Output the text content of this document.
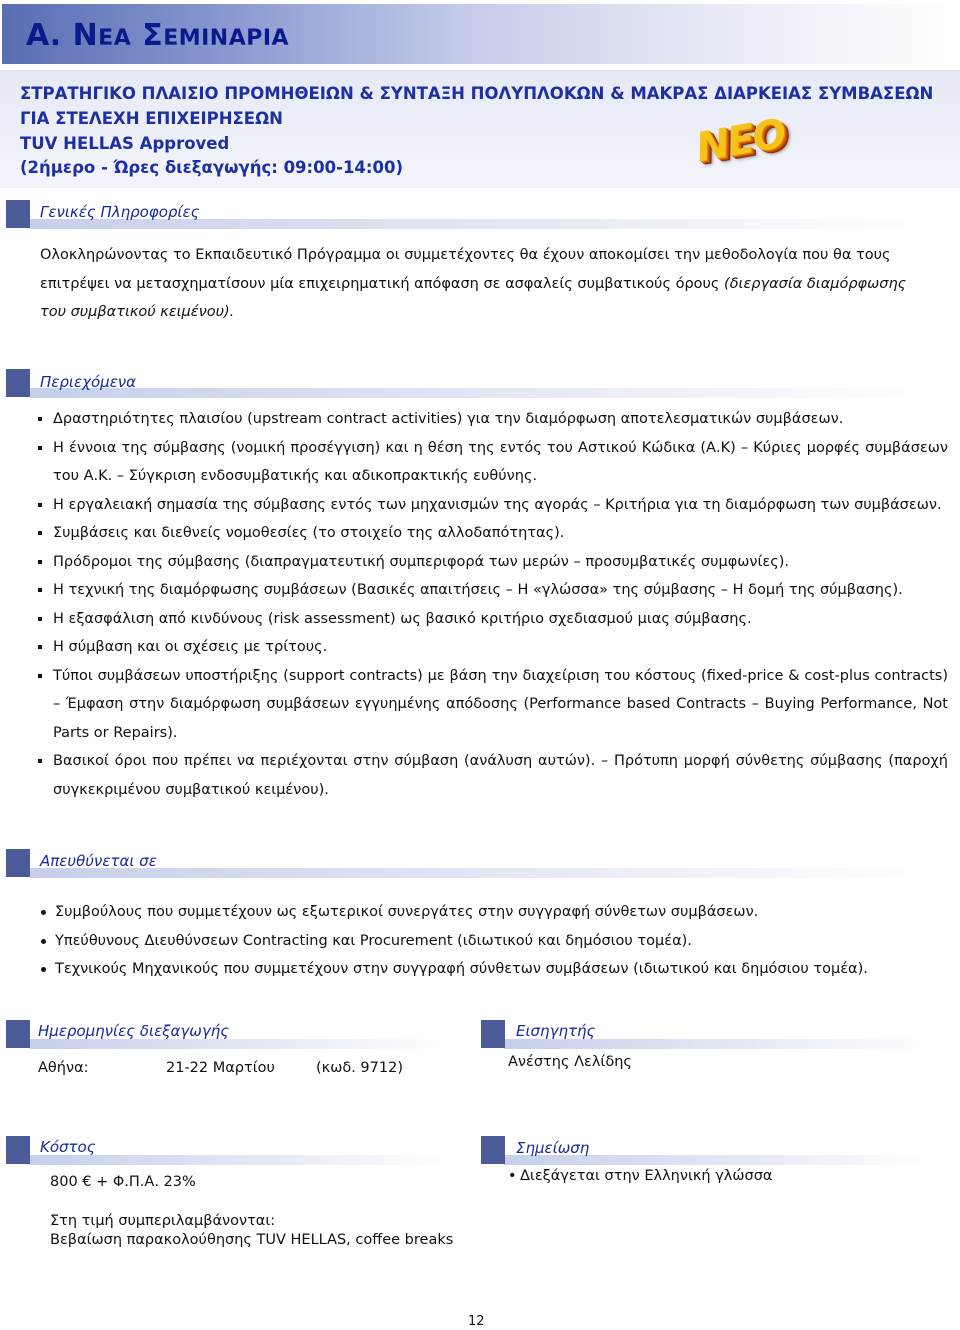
Α. ΝΕΑ ΣΕΜΙΝΑΡΙΑ
ΣΤΡΑΤΗΓΙΚΟ ΠΛΑΙΣΙΟ ΠΡΟΜΗΘΕΙΩΝ & ΣΥΝΤΑΞΗ ΠΟΛΥΠΛΟΚΩΝ & ΜΑΚΡΑΣ ΔΙΑΡΚΕΙΑΣ ΣΥΜΒΑΣΕΩΝ
ΓΙΑ ΣΤΕΛΕΧΗ ΕΠΙΧΕΙΡΗΣΕΩΝ
TUV HELLAS Approved
(2ήμερο - Ώρες διεξαγωγής: 09:00-14:00)	ΝΕΟ
Γενικές Πληροφορίες

Ολοκληρώνοντας το Εκπαιδευτικό Πρόγραμμα οι συμμετέχοντες θα έχουν αποκομίσει την μεθοδολογία που θα τους επιτρέψει να μετασχηματίσουν μία επιχειρηματική απόφαση σε ασφαλείς συμβατικούς όρους (διεργασία διαμόρφωσης του συμβατικού κειμένου).

Περιεχόμενα
Δραστηριότητες πλαισίου (upstream contract activities) για την διαμόρφωση αποτελεσματικών συμβάσεων.
Η έννοια της σύμβασης (νομική προσέγγιση) και η θέση της εντός του Αστικού Κώδικα (Α.Κ) – Κύριες μορφές συμβάσεων του Α.Κ. – Σύγκριση ενδοσυμβατικής και αδικοπρακτικής ευθύνης.
Η εργαλειακή σημασία της σύμβασης εντός των μηχανισμών της αγοράς – Κριτήρια για τη διαμόρφωση των συμβάσεων.
Συμβάσεις και διεθνείς νομοθεσίες (το στοιχείο της αλλοδαπότητας).
Πρόδρομοι της σύμβασης (διαπραγματευτική συμπεριφορά των μερών – προσυμβατικές συμφωνίες).
Η τεχνική της διαμόρφωσης συμβάσεων (Βασικές απαιτήσεις – Η «γλώσσα» της σύμβασης – Η δομή της σύμβασης).
Η εξασφάλιση από κινδύνους (risk assessment) ως βασικό κριτήριο σχεδιασμού μιας σύμβασης.
Η σύμβαση και οι σχέσεις με τρίτους.
Τύποι συμβάσεων υποστήριξης (support contracts) με βάση την διαχείριση του κόστους (fixed-price & cost-plus contracts) – Έμφαση στην διαμόρφωση συμβάσεων εγγυημένης απόδοσης (Performance based Contracts – Buying Performance, Not Parts or Repairs).
Βασικοί όροι που πρέπει να περιέχονται στην σύμβαση (ανάλυση αυτών). – Πρότυπη μορφή σύνθετης σύμβασης (παροχή συγκεκριμένου συμβατικού κειμένου).
Απευθύνεται σε
Συμβούλους που συμμετέχουν ως εξωτερικοί συνεργάτες στην συγγραφή σύνθετων συμβάσεων.
Υπεύθυνους Διευθύνσεων Contracting και Procurement (ιδιωτικού και δημόσιου τομέα).
Τεχνικούς Μηχανικούς που συμμετέχουν στην συγγραφή σύνθετων συμβάσεων (ιδιωτικού και δημόσιου τομέα).
Ημερομηνίες διεξαγωγής
Αθήνα:	21-22 Μαρτίου	(κωδ. 9712)
Εισηγητής
Ανέστης Λελίδης
Κόστος
800 € + Φ.Π.Α. 23%
Στη τιμή συμπεριλαμβάνονται:
Βεβαίωση παρακολούθησης TUV HELLAS, coffee breaks
Σημείωση
• Διεξάγεται στην Ελληνική γλώσσα
12
